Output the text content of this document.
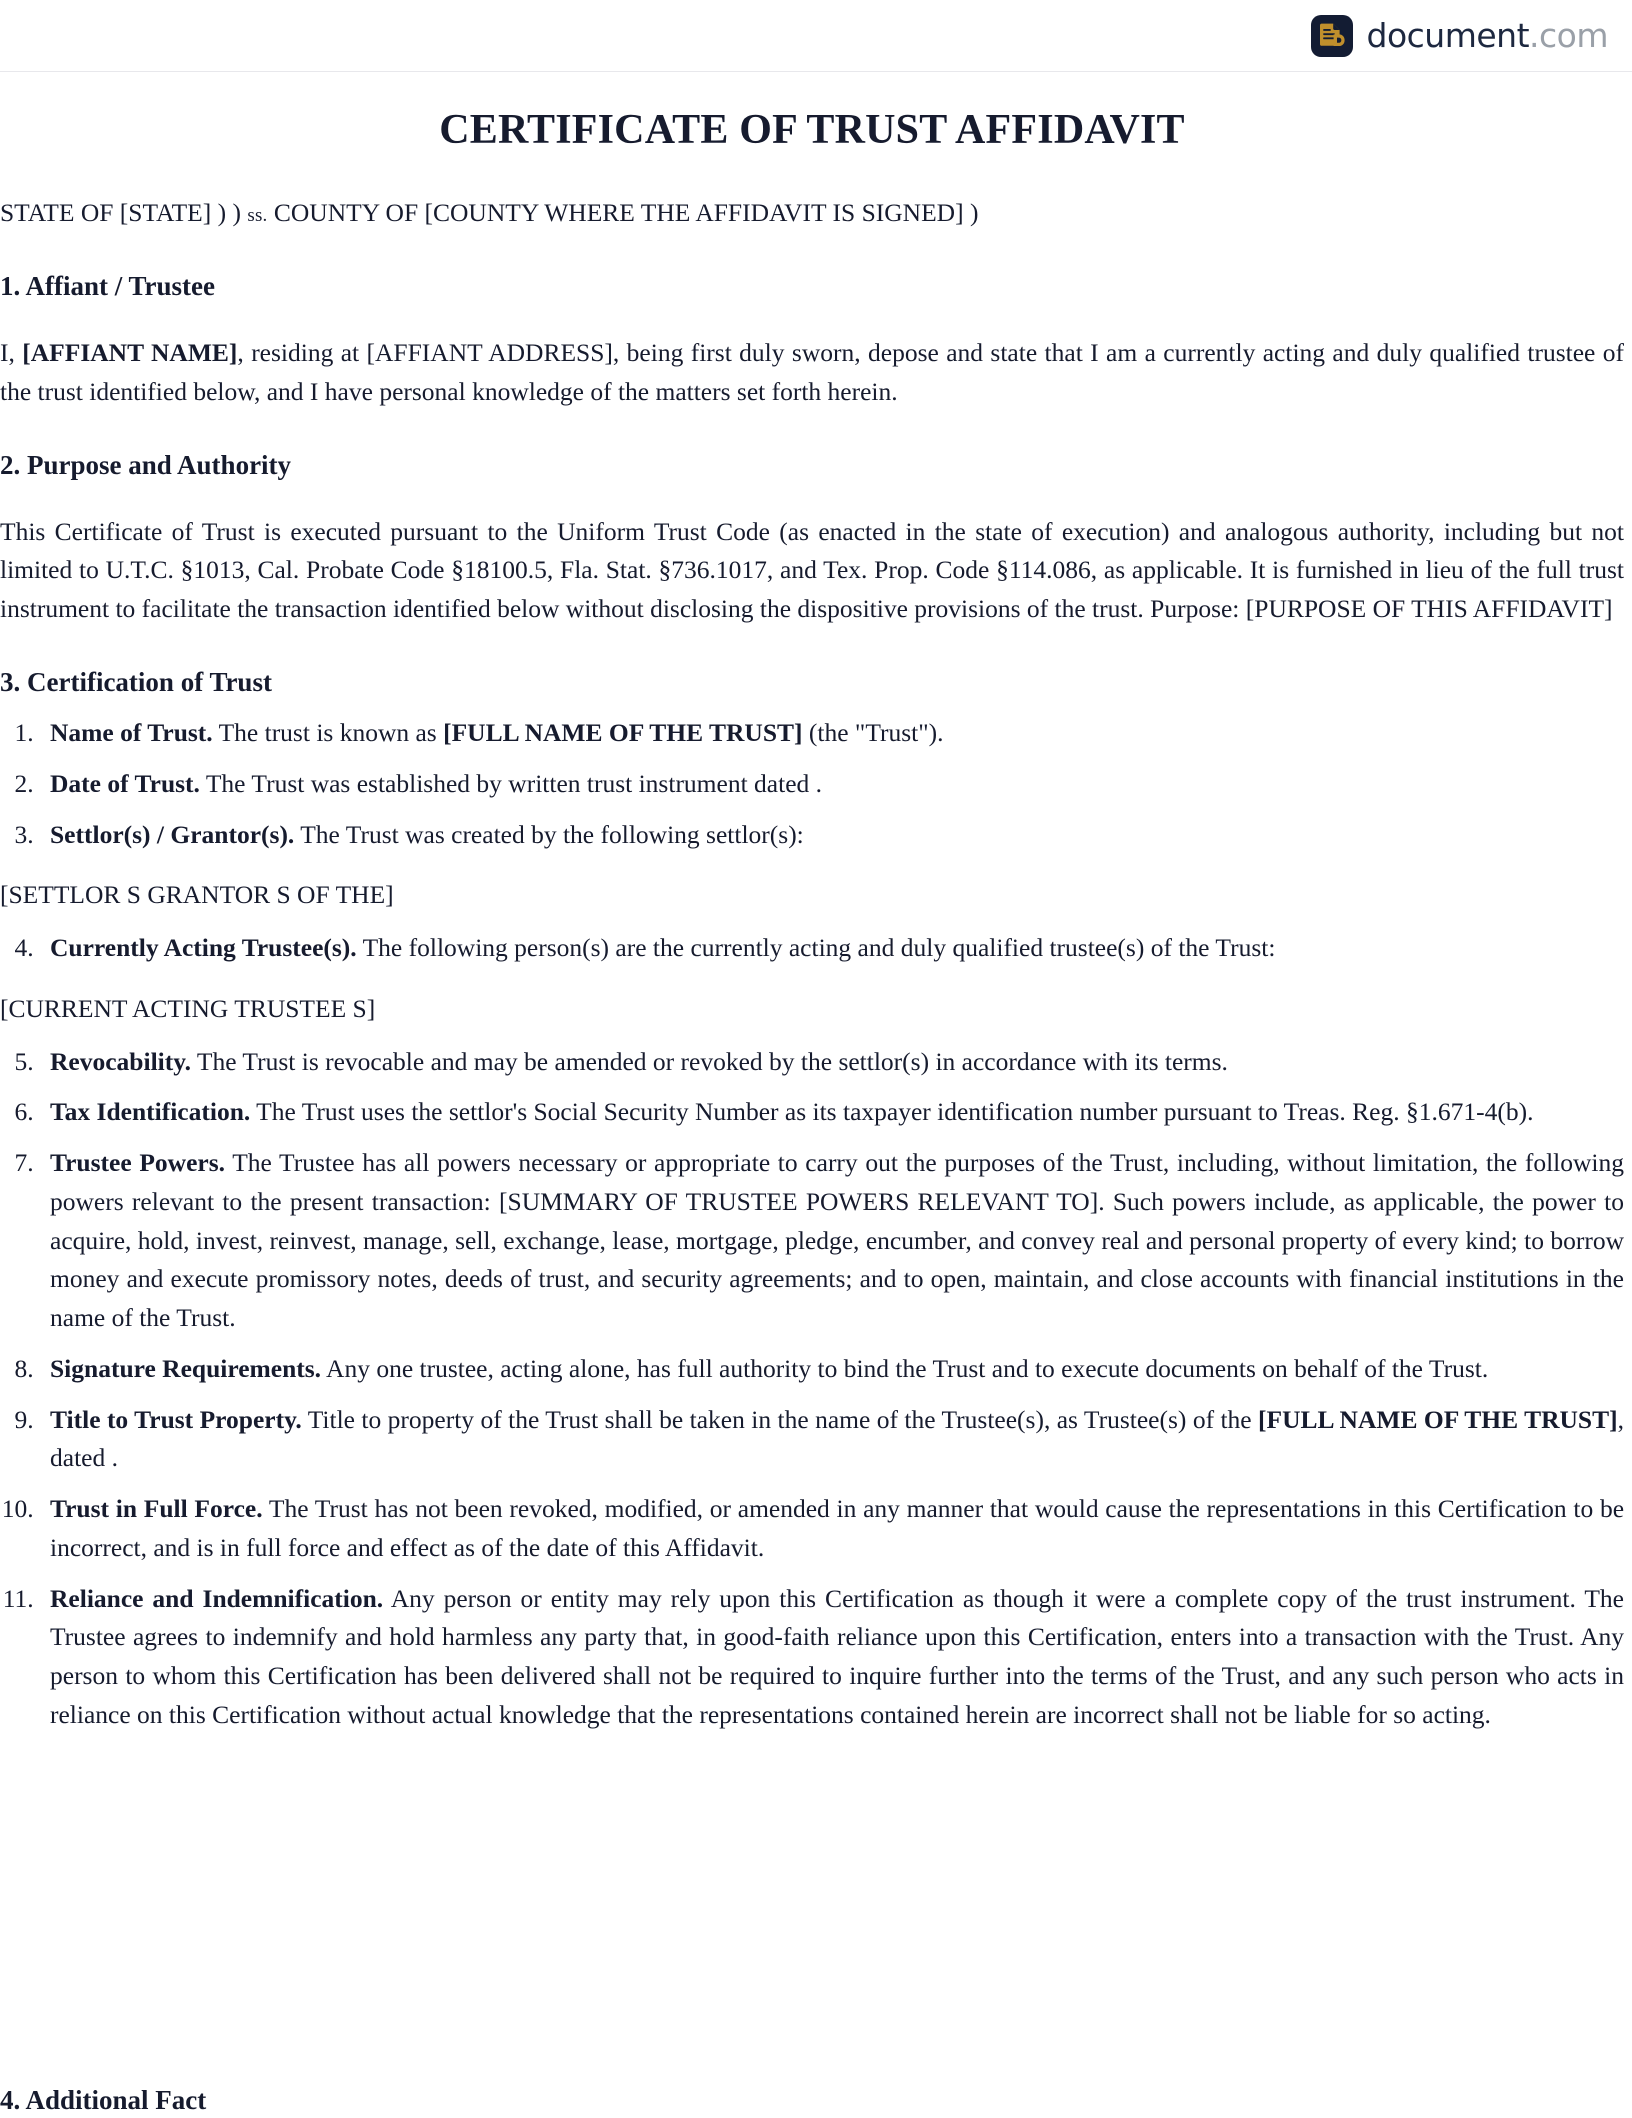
document.com
CERTIFICATE OF TRUST AFFIDAVIT

STATE OF [STATE] ) ) ss. COUNTY OF [COUNTY WHERE THE AFFIDAVIT IS SIGNED] )

1. Affiant / Trustee

I, [AFFIANT NAME], residing at [AFFIANT ADDRESS], being first duly sworn, depose and state that I am a currently acting and duly qualified trustee of the trust identified below, and I have personal knowledge of the matters set forth herein.

2. Purpose and Authority

This Certificate of Trust is executed pursuant to the Uniform Trust Code (as enacted in the state of execution) and analogous authority, including but not limited to U.T.C. §1013, Cal. Probate Code §18100.5, Fla. Stat. §736.1017, and Tex. Prop. Code §114.086, as applicable. It is furnished in lieu of the full trust instrument to facilitate the transaction identified below without disclosing the dispositive provisions of the trust. Purpose: [PURPOSE OF THIS AFFIDAVIT]

3. Certification of Trust
1. Name of Trust. The trust is known as [FULL NAME OF THE TRUST] (the "Trust").
2. Date of Trust. The Trust was established by written trust instrument dated .
3. Settlor(s) / Grantor(s). The Trust was created by the following settlor(s):

[SETTLOR S GRANTOR S OF THE]

4. Currently Acting Trustee(s). The following person(s) are the currently acting and duly qualified trustee(s) of the Trust:

[CURRENT ACTING TRUSTEE S]

5. Revocability. The Trust is revocable and may be amended or revoked by the settlor(s) in accordance with its terms.
6. Tax Identification. The Trust uses the settlor's Social Security Number as its taxpayer identification number pursuant to Treas. Reg. §1.671-4(b).
7. Trustee Powers. The Trustee has all powers necessary or appropriate to carry out the purposes of the Trust, including, without limitation, the following powers relevant to the present transaction: [SUMMARY OF TRUSTEE POWERS RELEVANT TO]. Such powers include, as applicable, the power to acquire, hold, invest, reinvest, manage, sell, exchange, lease, mortgage, pledge, encumber, and convey real and personal property of every kind; to borrow money and execute promissory notes, deeds of trust, and security agreements; and to open, maintain, and close accounts with financial institutions in the name of the Trust.
8. Signature Requirements. Any one trustee, acting alone, has full authority to bind the Trust and to execute documents on behalf of the Trust.
9. Title to Trust Property. Title to property of the Trust shall be taken in the name of the Trustee(s), as Trustee(s) of the [FULL NAME OF THE TRUST], dated .
10. Trust in Full Force. The Trust has not been revoked, modified, or amended in any manner that would cause the representations in this Certification to be incorrect, and is in full force and effect as of the date of this Affidavit.
11. Reliance and Indemnification. Any person or entity may rely upon this Certification as though it were a complete copy of the trust instrument. The Trustee agrees to indemnify and hold harmless any party that, in good-faith reliance upon this Certification, enters into a transaction with the Trust. Any person to whom this Certification has been delivered shall not be required to inquire further into the terms of the Trust, and any such person who acts in reliance on this Certification without actual knowledge that the representations contained herein are incorrect shall not be liable for so acting.
4. Additional Fact
